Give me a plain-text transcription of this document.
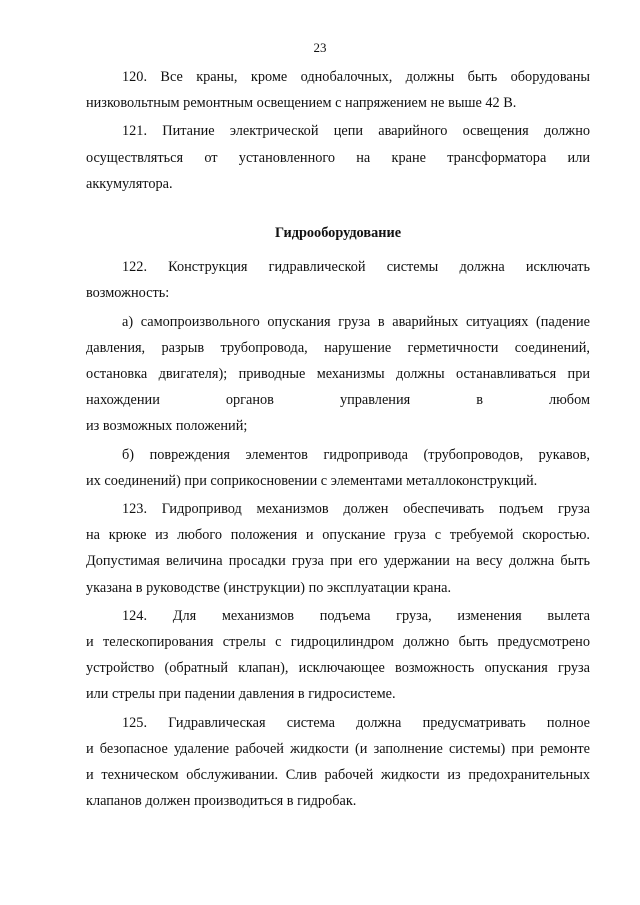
23
120. Все краны, кроме однобалочных, должны быть оборудованы
низковольтным ремонтным освещением с напряжением не выше 42 В.
121. Питание электрической цепи аварийного освещения должно
осуществляться от установленного на кране трансформатора или
аккумулятора.
Гидрооборудование
122. Конструкция гидравлической системы должна исключать
возможность:
а) самопроизвольного опускания груза в аварийных ситуациях (падение
давления, разрыв трубопровода, нарушение герметичности соединений,
остановка двигателя); приводные механизмы должны останавливаться при
нахождении органов управления в любом
из возможных положений;
б) повреждения элементов гидропривода (трубопроводов, рукавов,
их соединений) при соприкосновении с элементами металлоконструкций.
123. Гидропривод механизмов должен обеспечивать подъем груза
на крюке из любого положения и опускание груза с требуемой скоростью.
Допустимая величина просадки груза при его удержании на весу должна быть
указана в руководстве (инструкции) по эксплуатации крана.
124. Для механизмов подъема груза, изменения вылета
и телескопирования стрелы с гидроцилиндром должно быть предусмотрено
устройство (обратный клапан), исключающее возможность опускания груза
или стрелы при падении давления в гидросистеме.
125. Гидравлическая система должна предусматривать полное
и безопасное удаление рабочей жидкости (и заполнение системы) при ремонте
и техническом обслуживании. Слив рабочей жидкости из предохранительных
клапанов должен производиться в гидробак.
